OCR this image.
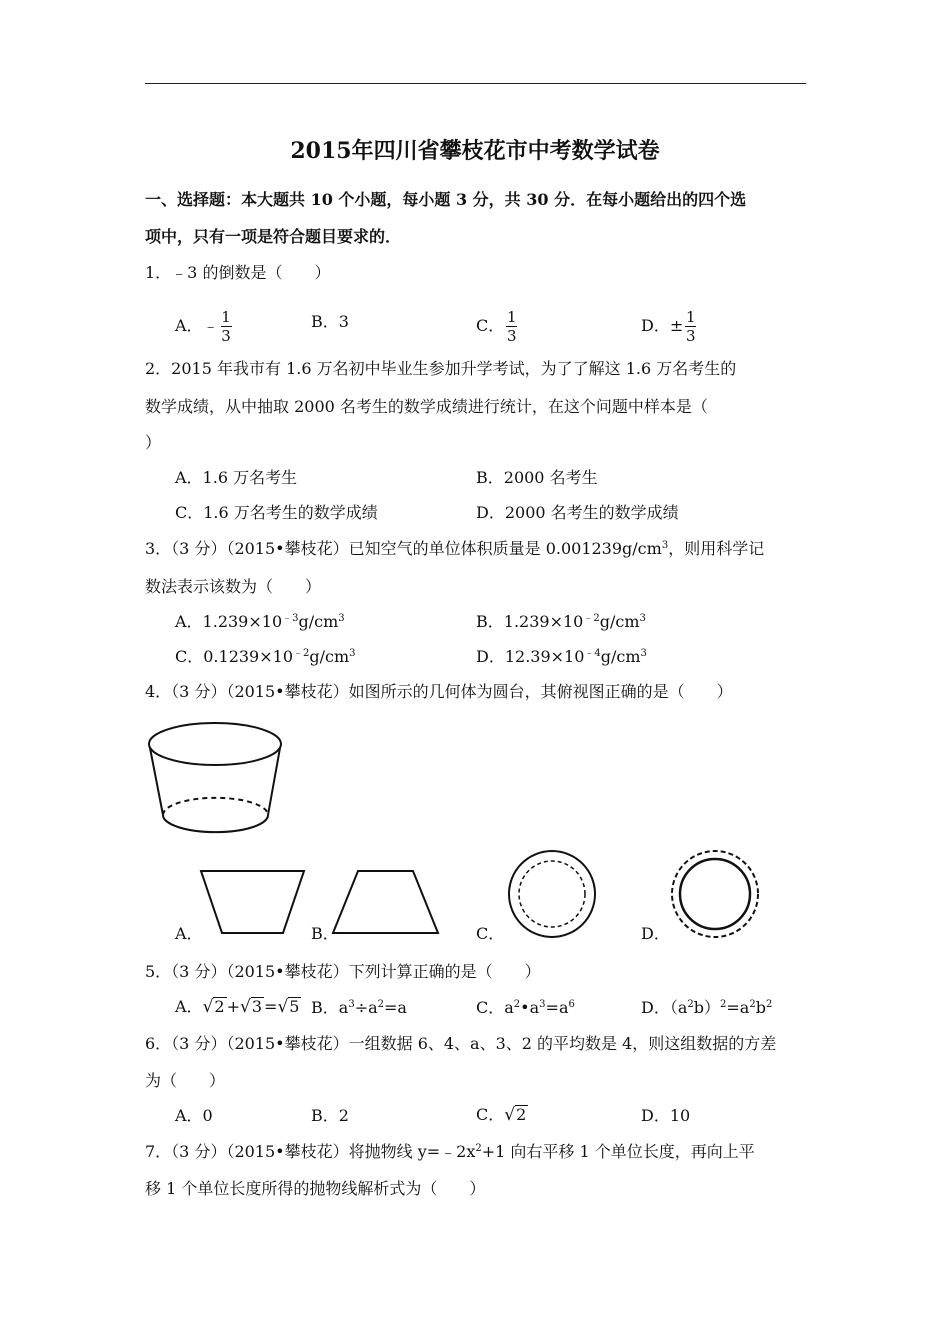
2015年四川省攀枝花市中考数学试卷
一、选择题：本大题共 10 个小题，每小题 3 分，共 30 分．在每小题给出的四个选
项中，只有一项是符合题目要求的．
1．﹣3 的倒数是（　　）
A．﹣ $\frac{1}{3}$	B．3	C． $\frac{1}{3}$	D．± $\frac{1}{3}$
2．2015 年我市有 1.6 万名初中毕业生参加升学考试，为了了解这 1.6 万名考生的
数学成绩，从中抽取 2000 名考生的数学成绩进行统计，在这个问题中样本是（
）
A．1.6 万名考生	B．2000 名考生
C．1.6 万名考生的数学成绩	D．2000 名考生的数学成绩
3．（3 分）（2015•攀枝花）已知空气的单位体积质量是 $0.001239g/cm^3$，则用科学记
数法表示该数为（　　）
A．$1.239\times 10^{﹣3}g/cm^3$	B．$1.239\times 10^{﹣2}g/cm^3$
C．$0.1239\times 10^{﹣2}g/cm^3$	D．$12.39\times 10^{﹣4}g/cm^3$
4．（3 分）（2015•攀枝花）如图所示的几何体为圆台，其俯视图正确的是（　　）
A．	B．	C．	D．
5．（3 分）（2015•攀枝花）下列计算正确的是（　　）
A．√2 +√3 =√5 B．$a^3\div a^2=a$	C．$a^2•a^3=a^6$	D．$(a^2b)^2=a^2b^2$
6．（3 分）（2015•攀枝花）一组数据 6、4、a、3、2 的平均数是 4，则这组数据的方差
为（　　）
A．0	B．2	C．√2	D．10
7．（3 分）（2015•攀枝花）将抛物线 $y=﹣2x^2+1$ 向右平移 1 个单位长度，再向上平
移 1 个单位长度所得的抛物线解析式为（　　）
